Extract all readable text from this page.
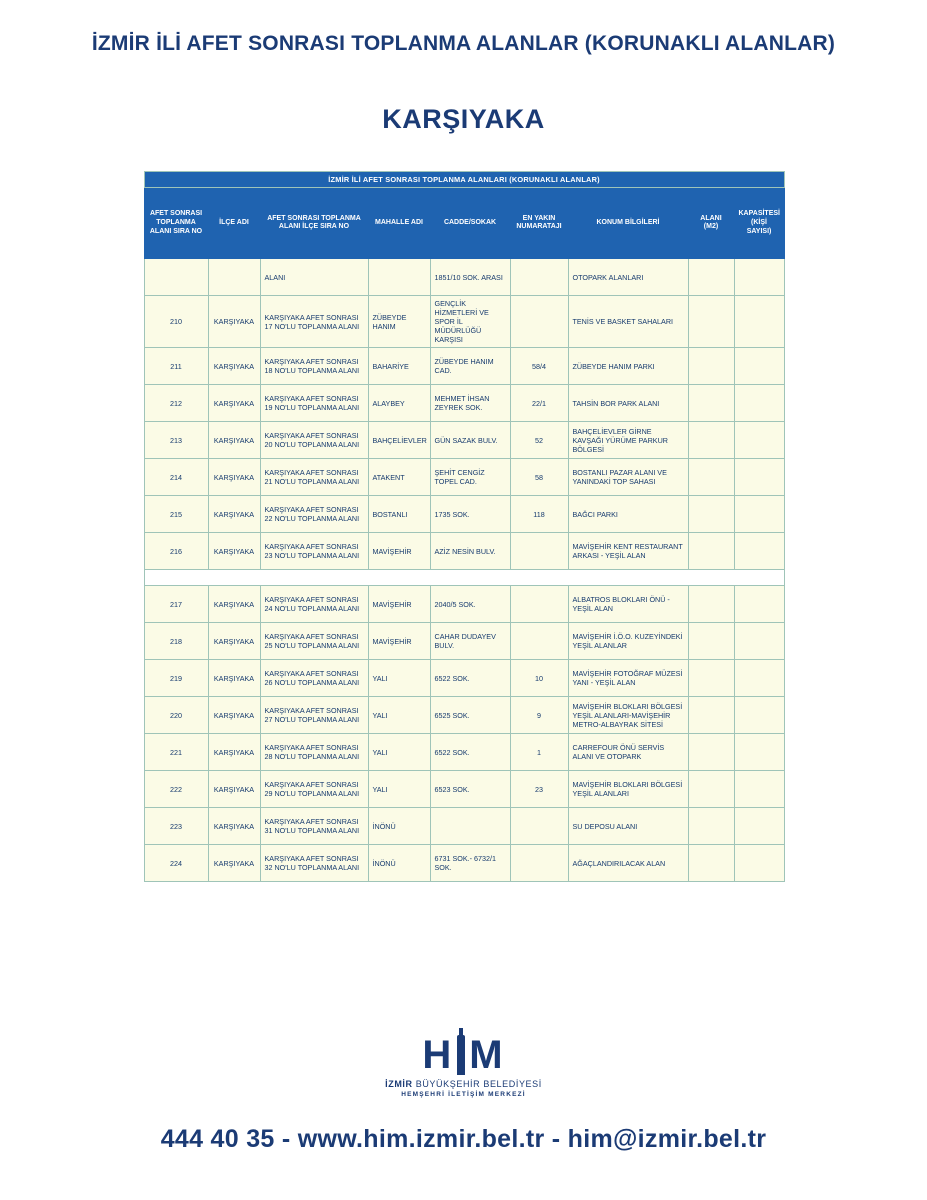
İZMİR İLİ AFET SONRASI TOPLANMA ALANLAR (KORUNAKLI ALANLAR)
KARŞIYAKA
İZMİR İLİ AFET SONRASI TOPLANMA ALANLARI (KORUNAKLI ALANLAR)								
AFET SONRASI TOPLANMA ALANI SIRA NO	İLÇE ADI	AFET SONRASI TOPLANMA ALANI İLÇE SIRA NO	MAHALLE ADI	CADDE/SOKAK	EN YAKIN NUMARATAJI	KONUM BİLGİLERİ	ALANI (M2)	KAPASİTESİ (KİŞİ SAYISI)
		ALANI		1851/10 SOK. ARASI		OTOPARK ALANLARI		
210	KARŞIYAKA	KARŞIYAKA AFET SONRASI 17 NO'LU TOPLANMA ALANI	ZÜBEYDE HANIM	GENÇLİK HİZMETLERİ VE SPOR İL MÜDÜRLÜĞÜ KARŞISI		TENİS VE BASKET SAHALARI		
211	KARŞIYAKA	KARŞIYAKA AFET SONRASI 18 NO'LU TOPLANMA ALANI	BAHARİYE	ZÜBEYDE HANIM CAD.	58/4	ZÜBEYDE HANIM PARKI		
212	KARŞIYAKA	KARŞIYAKA AFET SONRASI 19 NO'LU TOPLANMA ALANI	ALAYBEY	MEHMET İHSAN ZEYREK SOK.	22/1	TAHSİN BOR PARK ALANI		
213	KARŞIYAKA	KARŞIYAKA AFET SONRASI 20 NO'LU TOPLANMA ALANI	BAHÇELİEVLER	GÜN SAZAK BULV.	52	BAHÇELİEVLER GİRNE KAVŞAĞI YÜRÜME PARKUR BÖLGESİ		
214	KARŞIYAKA	KARŞIYAKA AFET SONRASI 21 NO'LU TOPLANMA ALANI	ATAKENT	ŞEHİT CENGİZ TOPEL CAD.	58	BOSTANLI PAZAR ALANI VE YANINDAKİ TOP SAHASI		
215	KARŞIYAKA	KARŞIYAKA AFET SONRASI 22 NO'LU TOPLANMA ALANI	BOSTANLI	1735 SOK.	118	BAĞCI PARKI		
216	KARŞIYAKA	KARŞIYAKA AFET SONRASI 23 NO'LU TOPLANMA ALANI	MAVİŞEHİR	AZİZ NESİN BULV.		MAVİŞEHİR KENT RESTAURANT ARKASI - YEŞİL ALAN		

217	KARŞIYAKA	KARŞIYAKA AFET SONRASI 24 NO'LU TOPLANMA ALANI	MAVİŞEHİR	2040/5 SOK.		ALBATROS BLOKLARI ÖNÜ - YEŞİL ALAN		
218	KARŞIYAKA	KARŞIYAKA AFET SONRASI 25 NO'LU TOPLANMA ALANI	MAVİŞEHİR	CAHAR DUDAYEV BULV.		MAVİŞEHİR İ.Ö.O. KUZEYİNDEKİ YEŞİL ALANLAR		
219	KARŞIYAKA	KARŞIYAKA AFET SONRASI 26 NO'LU TOPLANMA ALANI	YALI	6522 SOK.	10	MAVİŞEHİR FOTOĞRAF MÜZESİ YANI - YEŞİL ALAN		
220	KARŞIYAKA	KARŞIYAKA AFET SONRASI 27 NO'LU TOPLANMA ALANI	YALI	6525 SOK.	9	MAVİŞEHİR BLOKLARI BÖLGESİ YEŞİL ALANLARI-MAVİŞEHİR METRO-ALBAYRAK SİTESİ		
221	KARŞIYAKA	KARŞIYAKA AFET SONRASI 28 NO'LU TOPLANMA ALANI	YALI	6522 SOK.	1	CARREFOUR ÖNÜ SERVİS ALANI VE OTOPARK		
222	KARŞIYAKA	KARŞIYAKA AFET SONRASI 29 NO'LU TOPLANMA ALANI	YALI	6523 SOK.	23	MAVİŞEHİR BLOKLARI BÖLGESİ YEŞİL ALANLARI		
223	KARŞIYAKA	KARŞIYAKA AFET SONRASI 31 NO'LU TOPLANMA ALANI	İNÖNÜ			SU DEPOSU ALANI		
224	KARŞIYAKA	KARŞIYAKA AFET SONRASI 32 NO'LU TOPLANMA ALANI	İNÖNÜ	6731 SOK.- 6732/1 SOK.		AĞAÇLANDIRILACAK ALAN		
H M
İZMİR BÜYÜKŞEHİR BELEDİYESİ
HEMŞEHRİ İLETİŞİM MERKEZİ
444 40 35 - www.him.izmir.bel.tr - him@izmir.bel.tr
